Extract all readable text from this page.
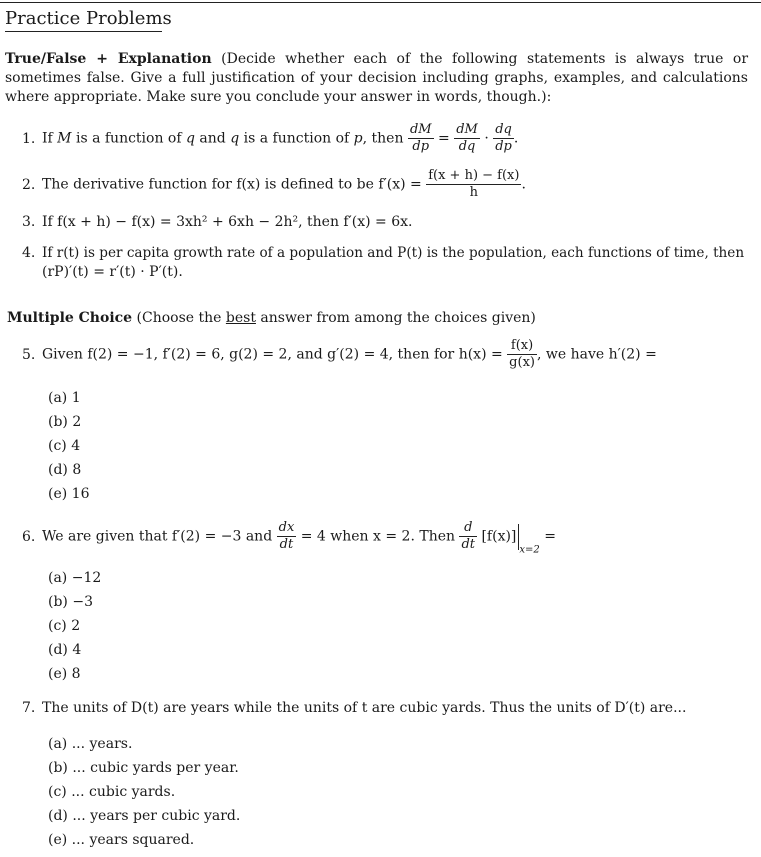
Practice Problems
True/False + Explanation (Decide whether each of the following statements is always true or sometimes false. Give a full justification of your decision including graphs, examples, and calculations where appropriate. Make sure you conclude your answer in words, though.):
1. If M is a function of q and q is a function of p, then $\frac{dM}{dp} = \frac{dM}{dq} \cdot \frac{dq}{dp}$ .
2. The derivative function for f(x) is defined to be $f'(x) = \frac{f(x + h) - f(x)}{h}$ .
3. If f(x + h) − f(x) = 3xh² + 6xh − 2h², then f′(x) = 6x.
4. If r(t) is per capita growth rate of a population and P(t) is the population, each functions of time, then
(rP)′(t) = r′(t) · P′(t).
Multiple Choice (Choose the best answer from among the choices given)
5. Given f(2) = −1, f′(2) = 6, g(2) = 2, and g′(2) = 4, then for $h(x) = \frac{f(x)}{g(x)}$ , we have h′(2) =
(a) 1
(b) 2
(c) 4
(d) 8
(e) 16
6. We are given that f′(2) = −3 and $\frac{dx}{dt} = 4$ when x = 2. Then $\frac{d}{dt} [f(x)]_{x=2}$ =
(a) −12
(b) −3
(c) 2
(d) 4
(e) 8
7. The units of D(t) are years while the units of t are cubic yards. Thus the units of D′(t) are...
(a) ... years.
(b) ... cubic yards per year.
(c) ... cubic yards.
(d) ... years per cubic yard.
(e) ... years squared.
